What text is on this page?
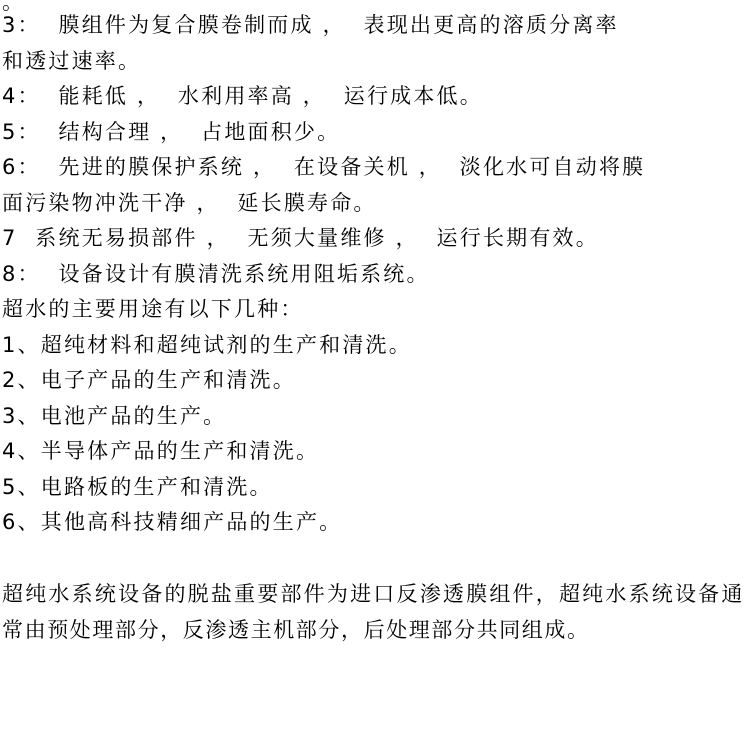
。
3：  膜组件为复合膜卷制而成 ，  表现出更高的溶质分离率
和透过速率。
4：  能耗低 ，  水利用率高 ，  运行成本低。
5：  结构合理 ，  占地面积少。
6：  先进的膜保护系统 ，  在设备关机 ，  淡化水可自动将膜
面污染物冲洗干净 ，  延长膜寿命。
7  系统无易损部件 ，  无须大量维修 ，  运行长期有效。
8：  设备设计有膜清洗系统用阻垢系统。
超水的主要用途有以下几种：
1、超纯材料和超纯试剂的生产和清洗。
2、电子产品的生产和清洗。
3、电池产品的生产。
4、半导体产品的生产和清洗。
5、电路板的生产和清洗。
6、其他高科技精细产品的生产。
超纯水系统设备的脱盐重要部件为进口反渗透膜组件，超纯水系统设备通常由预处理部分，反渗透主机部分，后处理部分共同组成。
